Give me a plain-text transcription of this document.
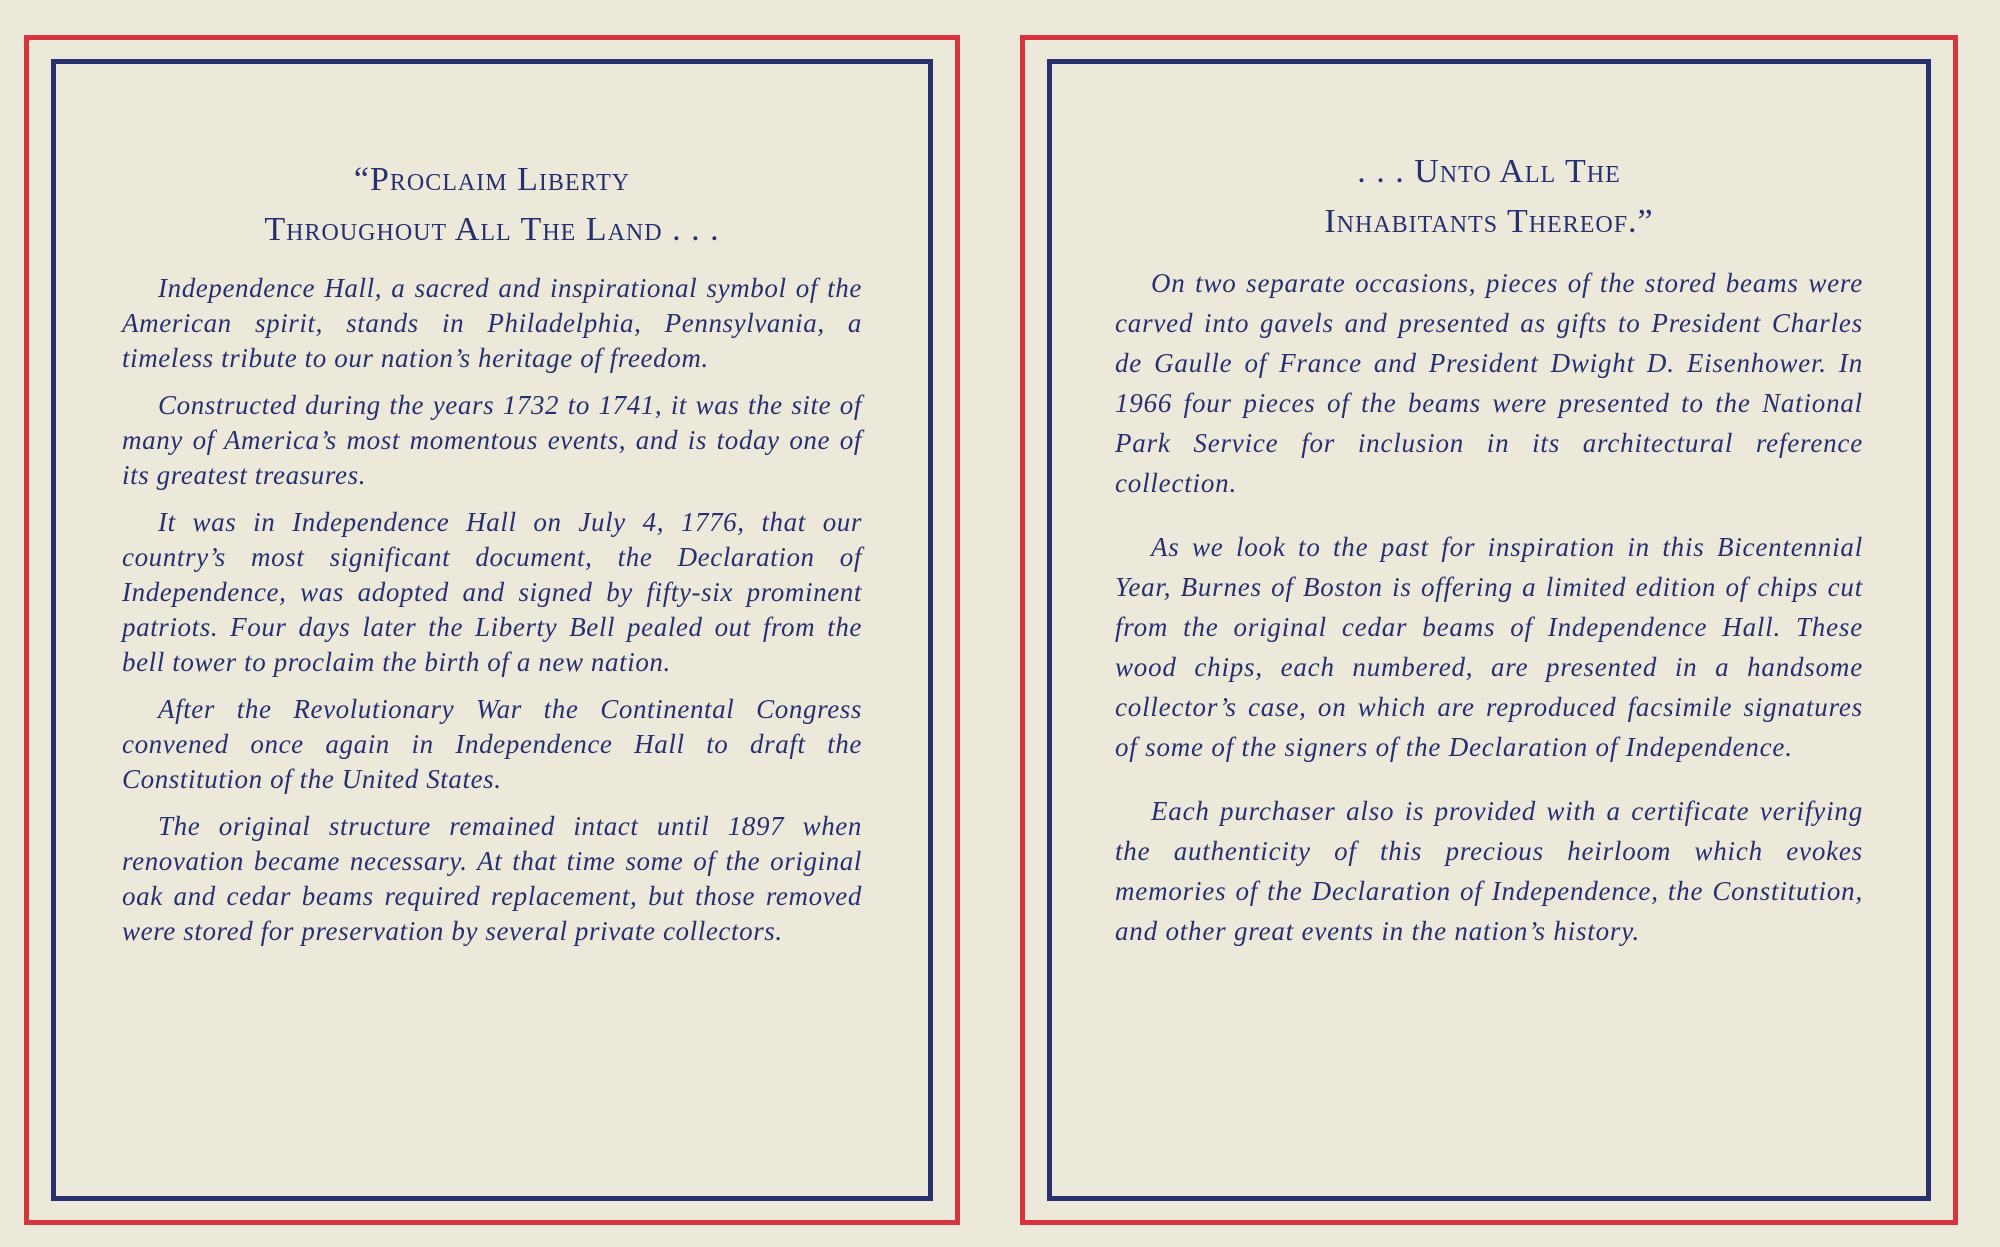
“Proclaim Liberty
Throughout All The Land . . .

Independence Hall, a sacred and inspirational symbol of the American spirit, stands in Philadelphia, Pennsylvania, a timeless tribute to our nation’s heritage of freedom.

Constructed during the years 1732 to 1741, it was the site of many of America’s most momentous events, and is today one of its greatest treasures.

It was in Independence Hall on July 4, 1776, that our country’s most significant document, the Declaration of Independence, was adopted and signed by fifty-six prominent patriots. Four days later the Liberty Bell pealed out from the bell tower to proclaim the birth of a new nation.

After the Revolutionary War the Continental Congress convened once again in Independence Hall to draft the Constitution of the United States.

The original structure remained intact until 1897 when renovation became necessary. At that time some of the original oak and cedar beams required replacement, but those removed were stored for preservation by several private collectors.

. . . Unto All The
Inhabitants Thereof.”

On two separate occasions, pieces of the stored beams were carved into gavels and presented as gifts to President Charles de Gaulle of France and President Dwight D. Eisenhower. In 1966 four pieces of the beams were presented to the National Park Service for inclusion in its architectural reference collection.

As we look to the past for inspiration in this Bicentennial Year, Burnes of Boston is offering a limited edition of chips cut from the original cedar beams of Independence Hall. These wood chips, each numbered, are presented in a handsome collector’s case, on which are reproduced facsimile signatures of some of the signers of the Declaration of Independence.

Each purchaser also is provided with a certificate verifying the authenticity of this precious heirloom which evokes memories of the Declaration of Independence, the Constitution, and other great events in the nation’s history.
